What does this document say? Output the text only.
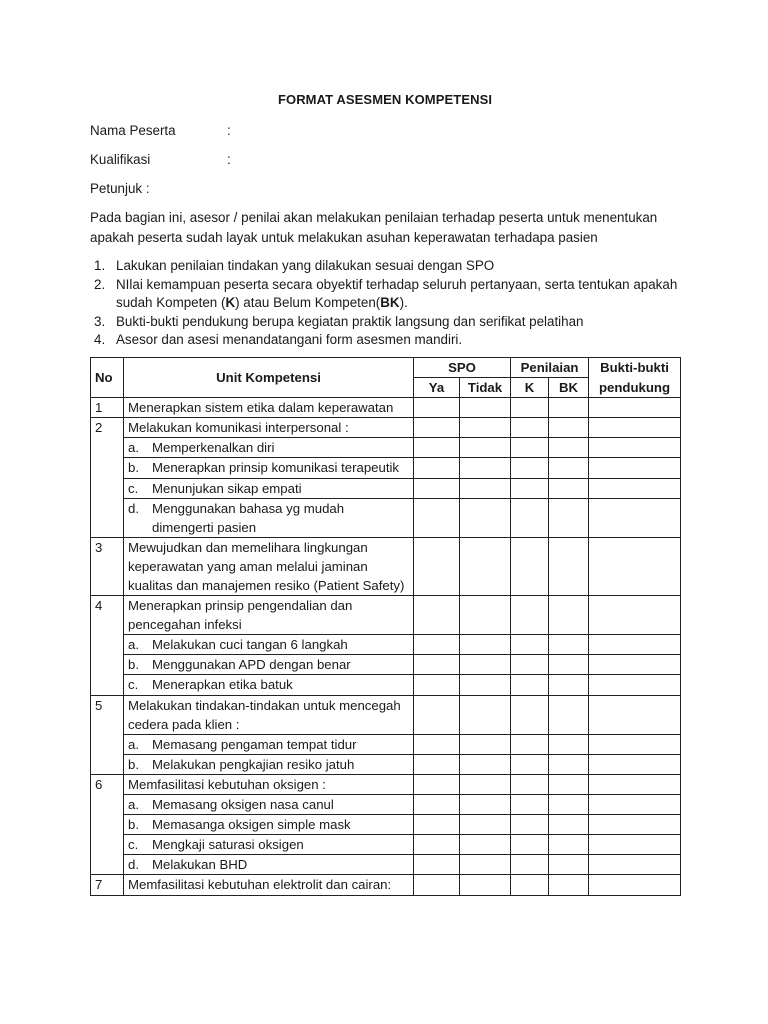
FORMAT ASESMEN KOMPETENSI
Nama Peserta	:
Kualifikasi	:
Petunjuk :

Pada bagian ini, asesor / penilai akan melakukan penilaian terhadap peserta untuk menentukan apakah peserta sudah layak untuk melakukan asuhan keperawatan terhadapa pasien

1. Lakukan penilaian tindakan yang dilakukan sesuai dengan SPO
2. NIlai kemampuan peserta secara obyektif terhadap seluruh pertanyaan, serta tentukan apakah sudah Kompeten (K) atau Belum Kompeten(BK).
3. Bukti-bukti pendukung berupa kegiatan praktik langsung dan serifikat pelatihan
4. Asesor dan asesi menandatangani form asesmen mandiri.
No	Unit Kompetensi	SPO		Penilaian		Bukti-bukti pendukung
		Ya	Tidak	K	BK	
1	Menerapkan sistem etika dalam keperawatan					
2	Melakukan komunikasi interpersonal :					

	a. Memperkenalkan diri					

	b. Menerapkan prinsip komunikasi terapeutik					

	c. Menunjukan sikap empati					

	d. Menggunakan bahasa yg mudah dimengerti pasien					

3	Mewujudkan dan memelihara lingkungan keperawatan yang aman melalui jaminan kualitas dan manajemen resiko (Patient Safety)					
4	Menerapkan prinsip pengendalian dan pencegahan infeksi					

	a. Melakukan cuci tangan 6 langkah					

	b. Menggunakan APD dengan benar					

	c. Menerapkan etika batuk					

5	Melakukan tindakan-tindakan untuk mencegah cedera pada klien :					

	a. Memasang pengaman tempat tidur					

	b. Melakukan pengkajian resiko jatuh					

6	Memfasilitasi kebutuhan oksigen :					

	a. Memasang oksigen nasa canul					

	b. Memasanga oksigen simple mask					

	c. Mengkaji saturasi oksigen					

	d. Melakukan BHD					

7	Memfasilitasi kebutuhan elektrolit dan cairan:					
